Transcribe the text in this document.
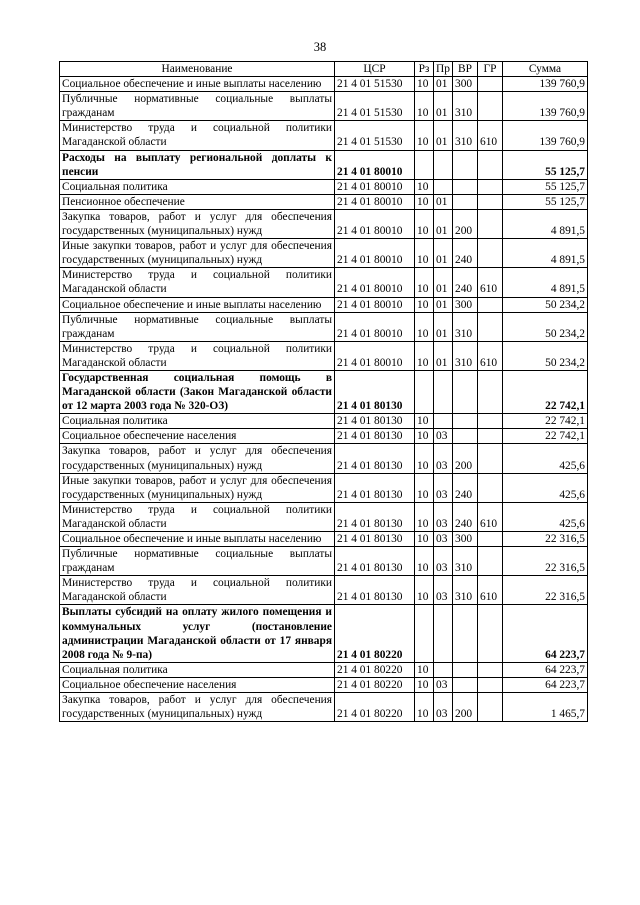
38
Наименование	ЦСР	Рз	Пр	ВР	ГР	Сумма
Социальное обеспечение и иные выплаты населению	21 4 01 51530	10	01	300		139 760,9
Публичные нормативные социальные выплаты гражданам	21 4 01 51530	10	01	310		139 760,9
Министерство труда и социальной политики Магаданской области	21 4 01 51530	10	01	310	610	139 760,9
Расходы на выплату региональной доплаты к пенсии	21 4 01 80010					55 125,7
Социальная политика	21 4 01 80010	10				55 125,7
Пенсионное обеспечение	21 4 01 80010	10	01			55 125,7
Закупка товаров, работ и услуг для обеспечения государственных (муниципальных) нужд	21 4 01 80010	10	01	200		4 891,5
Иные закупки товаров, работ и услуг для обеспечения государственных (муниципальных) нужд	21 4 01 80010	10	01	240		4 891,5
Министерство труда и социальной политики Магаданской области	21 4 01 80010	10	01	240	610	4 891,5
Социальное обеспечение и иные выплаты населению	21 4 01 80010	10	01	300		50 234,2
Публичные нормативные социальные выплаты гражданам	21 4 01 80010	10	01	310		50 234,2
Министерство труда и социальной политики Магаданской области	21 4 01 80010	10	01	310	610	50 234,2
Государственная социальная помощь в Магаданской области (Закон Магаданской области от 12 марта 2003 года № 320-ОЗ)	21 4 01 80130					22 742,1
Социальная политика	21 4 01 80130	10				22 742,1
Социальное обеспечение населения	21 4 01 80130	10	03			22 742,1
Закупка товаров, работ и услуг для обеспечения государственных (муниципальных) нужд	21 4 01 80130	10	03	200		425,6
Иные закупки товаров, работ и услуг для обеспечения государственных (муниципальных) нужд	21 4 01 80130	10	03	240		425,6
Министерство труда и социальной политики Магаданской области	21 4 01 80130	10	03	240	610	425,6
Социальное обеспечение и иные выплаты населению	21 4 01 80130	10	03	300		22 316,5
Публичные нормативные социальные выплаты гражданам	21 4 01 80130	10	03	310		22 316,5
Министерство труда и социальной политики Магаданской области	21 4 01 80130	10	03	310	610	22 316,5
Выплаты субсидий на оплату жилого помещения и коммунальных услуг (постановление администрации Магаданской области от 17 января 2008 года № 9-па)	21 4 01 80220					64 223,7
Социальная политика	21 4 01 80220	10				64 223,7
Социальное обеспечение населения	21 4 01 80220	10	03			64 223,7
Закупка товаров, работ и услуг для обеспечения государственных (муниципальных) нужд	21 4 01 80220	10	03	200		1 465,7
